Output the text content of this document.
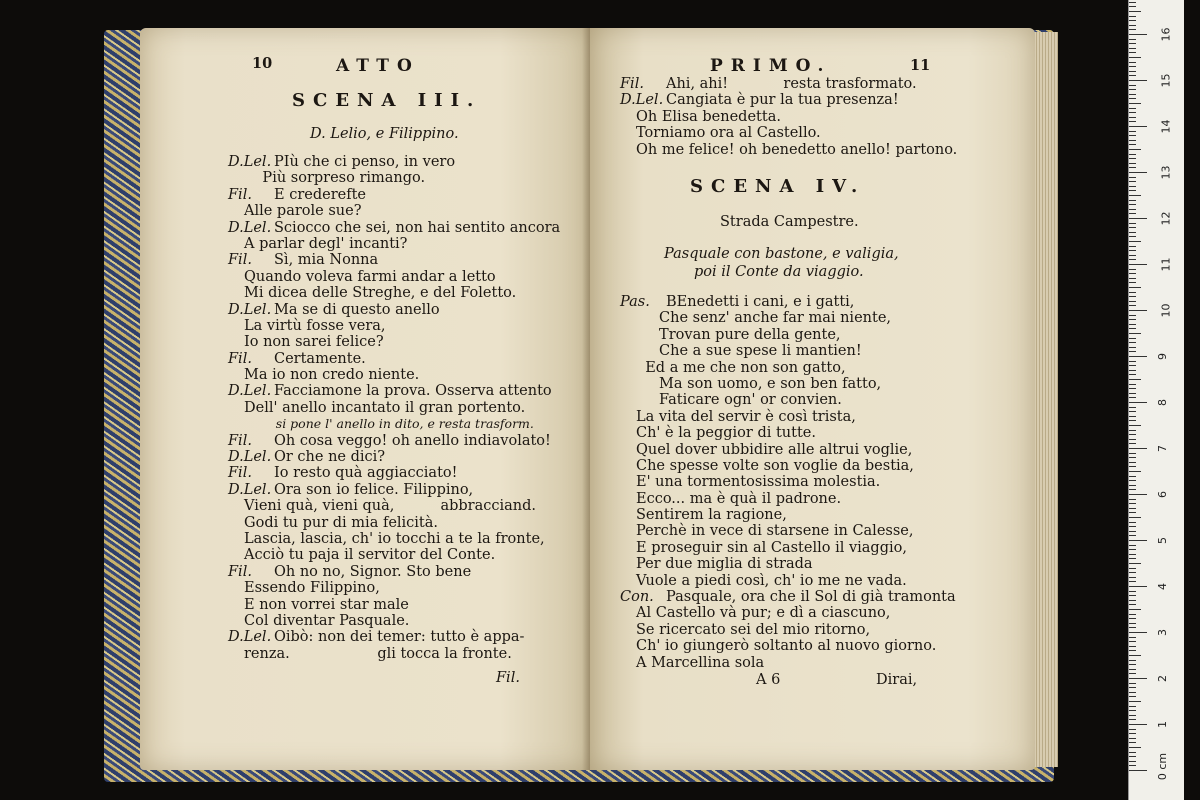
10	ATTO
SCENA III.
D. Lelio, e Filippino.
D.Lel. PIù che ci penso, in vero
Più sorpreso rimango.
Fil. E crederefte
Alle parole sue?
D.Lel. Sciocco che sei, non hai sentito ancora
A parlar degl' incanti?
Fil. Sì, mia Nonna
Quando voleva farmi andar a letto
Mi dicea delle Streghe, e del Foletto.
D.Lel. Ma se di questo anello
La virtù fosse vera,
Io non sarei felice?
Fil. Certamente.
Ma io non credo niente.
D.Lel. Facciamone la prova. Osserva attento
Dell' anello incantato il gran portento.
si pone l' anello in dito, e resta trasform.
Fil. Oh cosa veggo! oh anello indiavolato!
D.Lel. Or che ne dici?
Fil. Io resto quà aggiacciato!
D.Lel. Ora son io felice. Filippino,
Vieni quà, vieni quà,          abbracciand.
Godi tu pur di mia felicità.
Lascia, lascia, ch' io tocchi a te la fronte,
Acciò tu paja il servitor del Conte.
Fil. Oh no no, Signor. Sto bene
Essendo Filippino,
E non vorrei star male
Col diventar Pasquale.
D.Lel. Oibò: non dei temer: tutto è appa-
renza.                   gli tocca la fronte.
Fil.
PRIMO.	11
Fil. Ahi, ahi!            resta trasformato.
D.Lel. Cangiata è pur la tua presenza!
Oh Elisa benedetta.
Torniamo ora al Castello.
Oh me felice! oh benedetto anello! partono.
SCENA IV.
Strada Campestre.
Pasquale con bastone, e valigia,
poi il Conte da viaggio.
Pas. BEnedetti i cani, e i gatti,
Che senz' anche far mai niente,
Trovan pure della gente,
Che a sue spese li mantien!
Ed a me che non son gatto,
Ma son uomo, e son ben fatto,
Faticare ogn' or convien.
La vita del servir è così trista,
Ch' è la peggior di tutte.
Quel dover ubbidire alle altrui voglie,
Che spesse volte son voglie da bestia,
E' una tormentosissima molestia.
Ecco... ma è quà il padrone.
Sentirem la ragione,
Perchè in vece di starsene in Calesse,
E proseguir sin al Castello il viaggio,
Per due miglia di strada
Vuole a piedi così, ch' io me ne vada.
Con. Pasquale, ora che il Sol di già tramonta
Al Castello và pur; e dì a ciascuno,
Se ricercato sei del mio ritorno,
Ch' io giungerò soltanto al nuovo giorno.
A Marcellina sola
A 6	Dirai,
1
2
3
4
5
6
7
8
9
10
11
12
13
14
15
16
0 cm
